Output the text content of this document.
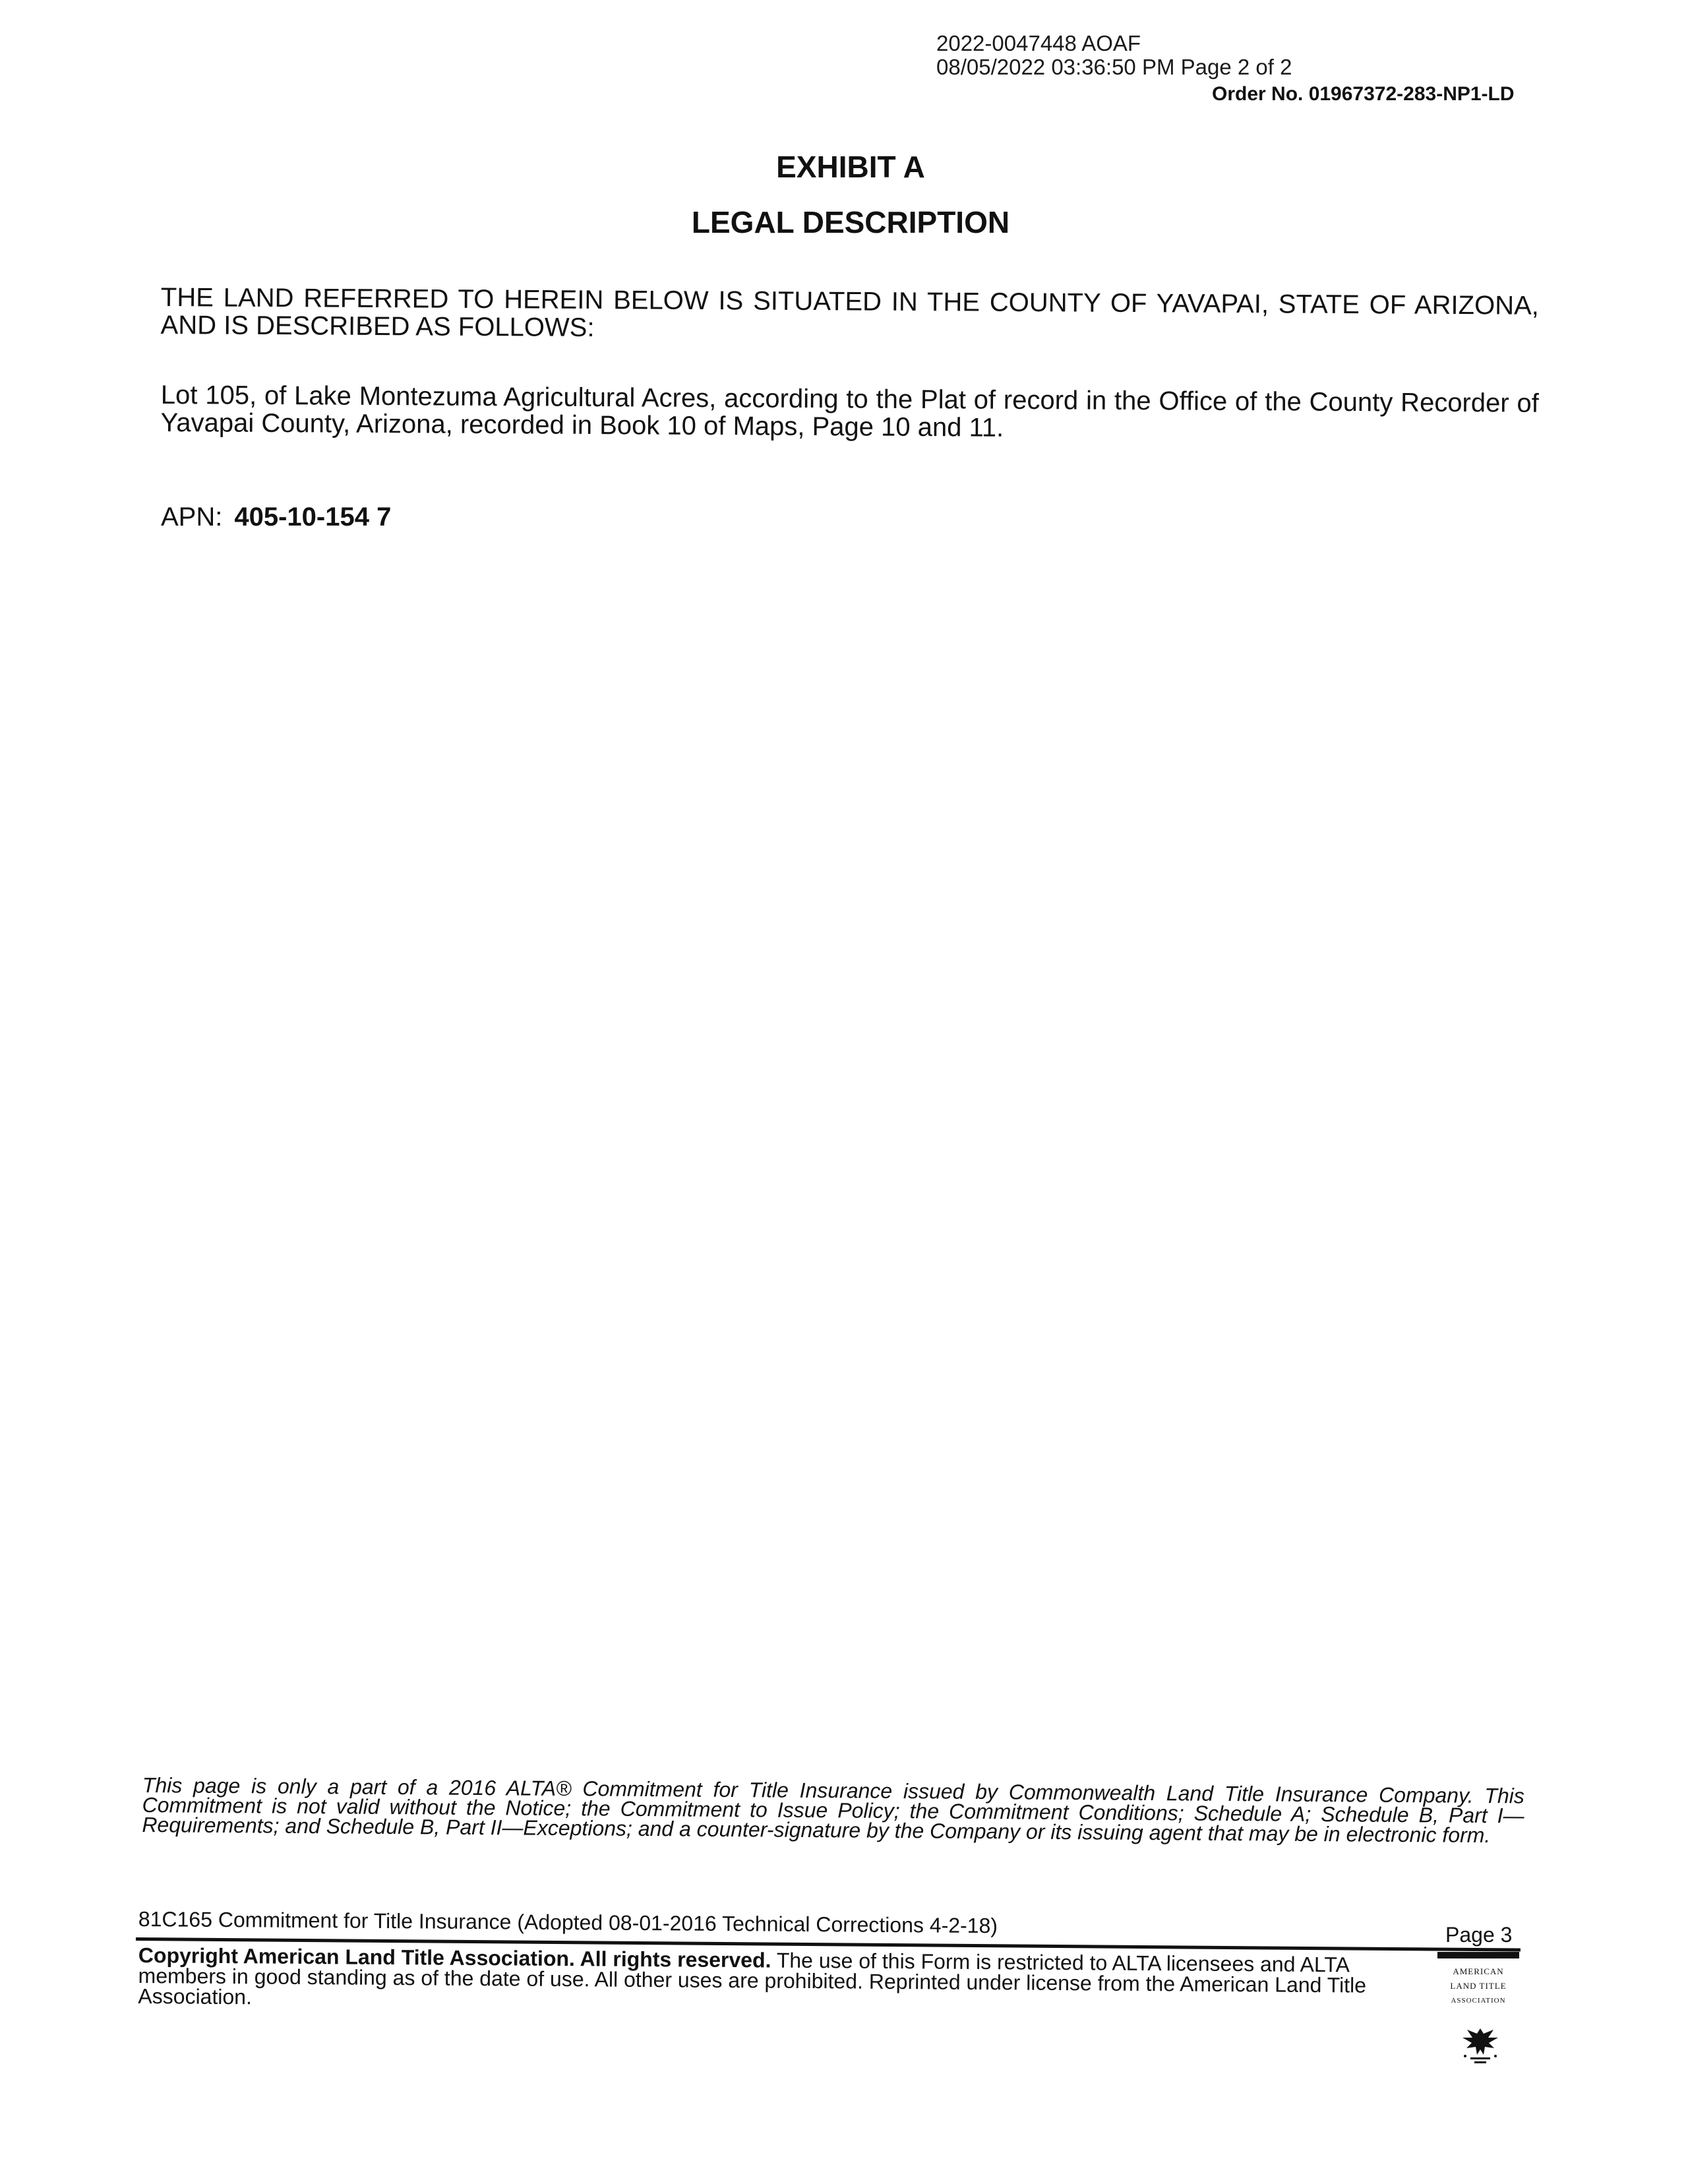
2022-0047448 AOAF
08/05/2022 03:36:50 PM Page 2 of 2
Order No. 01967372-283-NP1-LD
EXHIBIT A
LEGAL DESCRIPTION
THE LAND REFERRED TO HEREIN BELOW IS SITUATED IN THE COUNTY OF YAVAPAI, STATE OF ARIZONA, AND IS DESCRIBED AS FOLLOWS:
Lot 105, of Lake Montezuma Agricultural Acres, according to the Plat of record in the Office of the County Recorder of Yavapai County, Arizona, recorded in Book 10 of Maps, Page 10 and 11.
APN: 405-10-154 7
This page is only a part of a 2016 ALTA® Commitment for Title Insurance issued by Commonwealth Land Title Insurance Company. This Commitment is not valid without the Notice; the Commitment to Issue Policy; the Commitment Conditions; Schedule A; Schedule B, Part I—Requirements; and Schedule B, Part II—Exceptions; and a counter-signature by the Company or its issuing agent that may be in electronic form.
81C165 Commitment for Title Insurance (Adopted 08-01-2016 Technical Corrections 4-2-18)	Page 3
Copyright American Land Title Association. All rights reserved. The use of this Form is restricted to ALTA licensees and ALTA members in good standing as of the date of use. All other uses are prohibited. Reprinted under license from the American Land Title Association.
AMERICAN
LAND TITLE
ASSOCIATION
